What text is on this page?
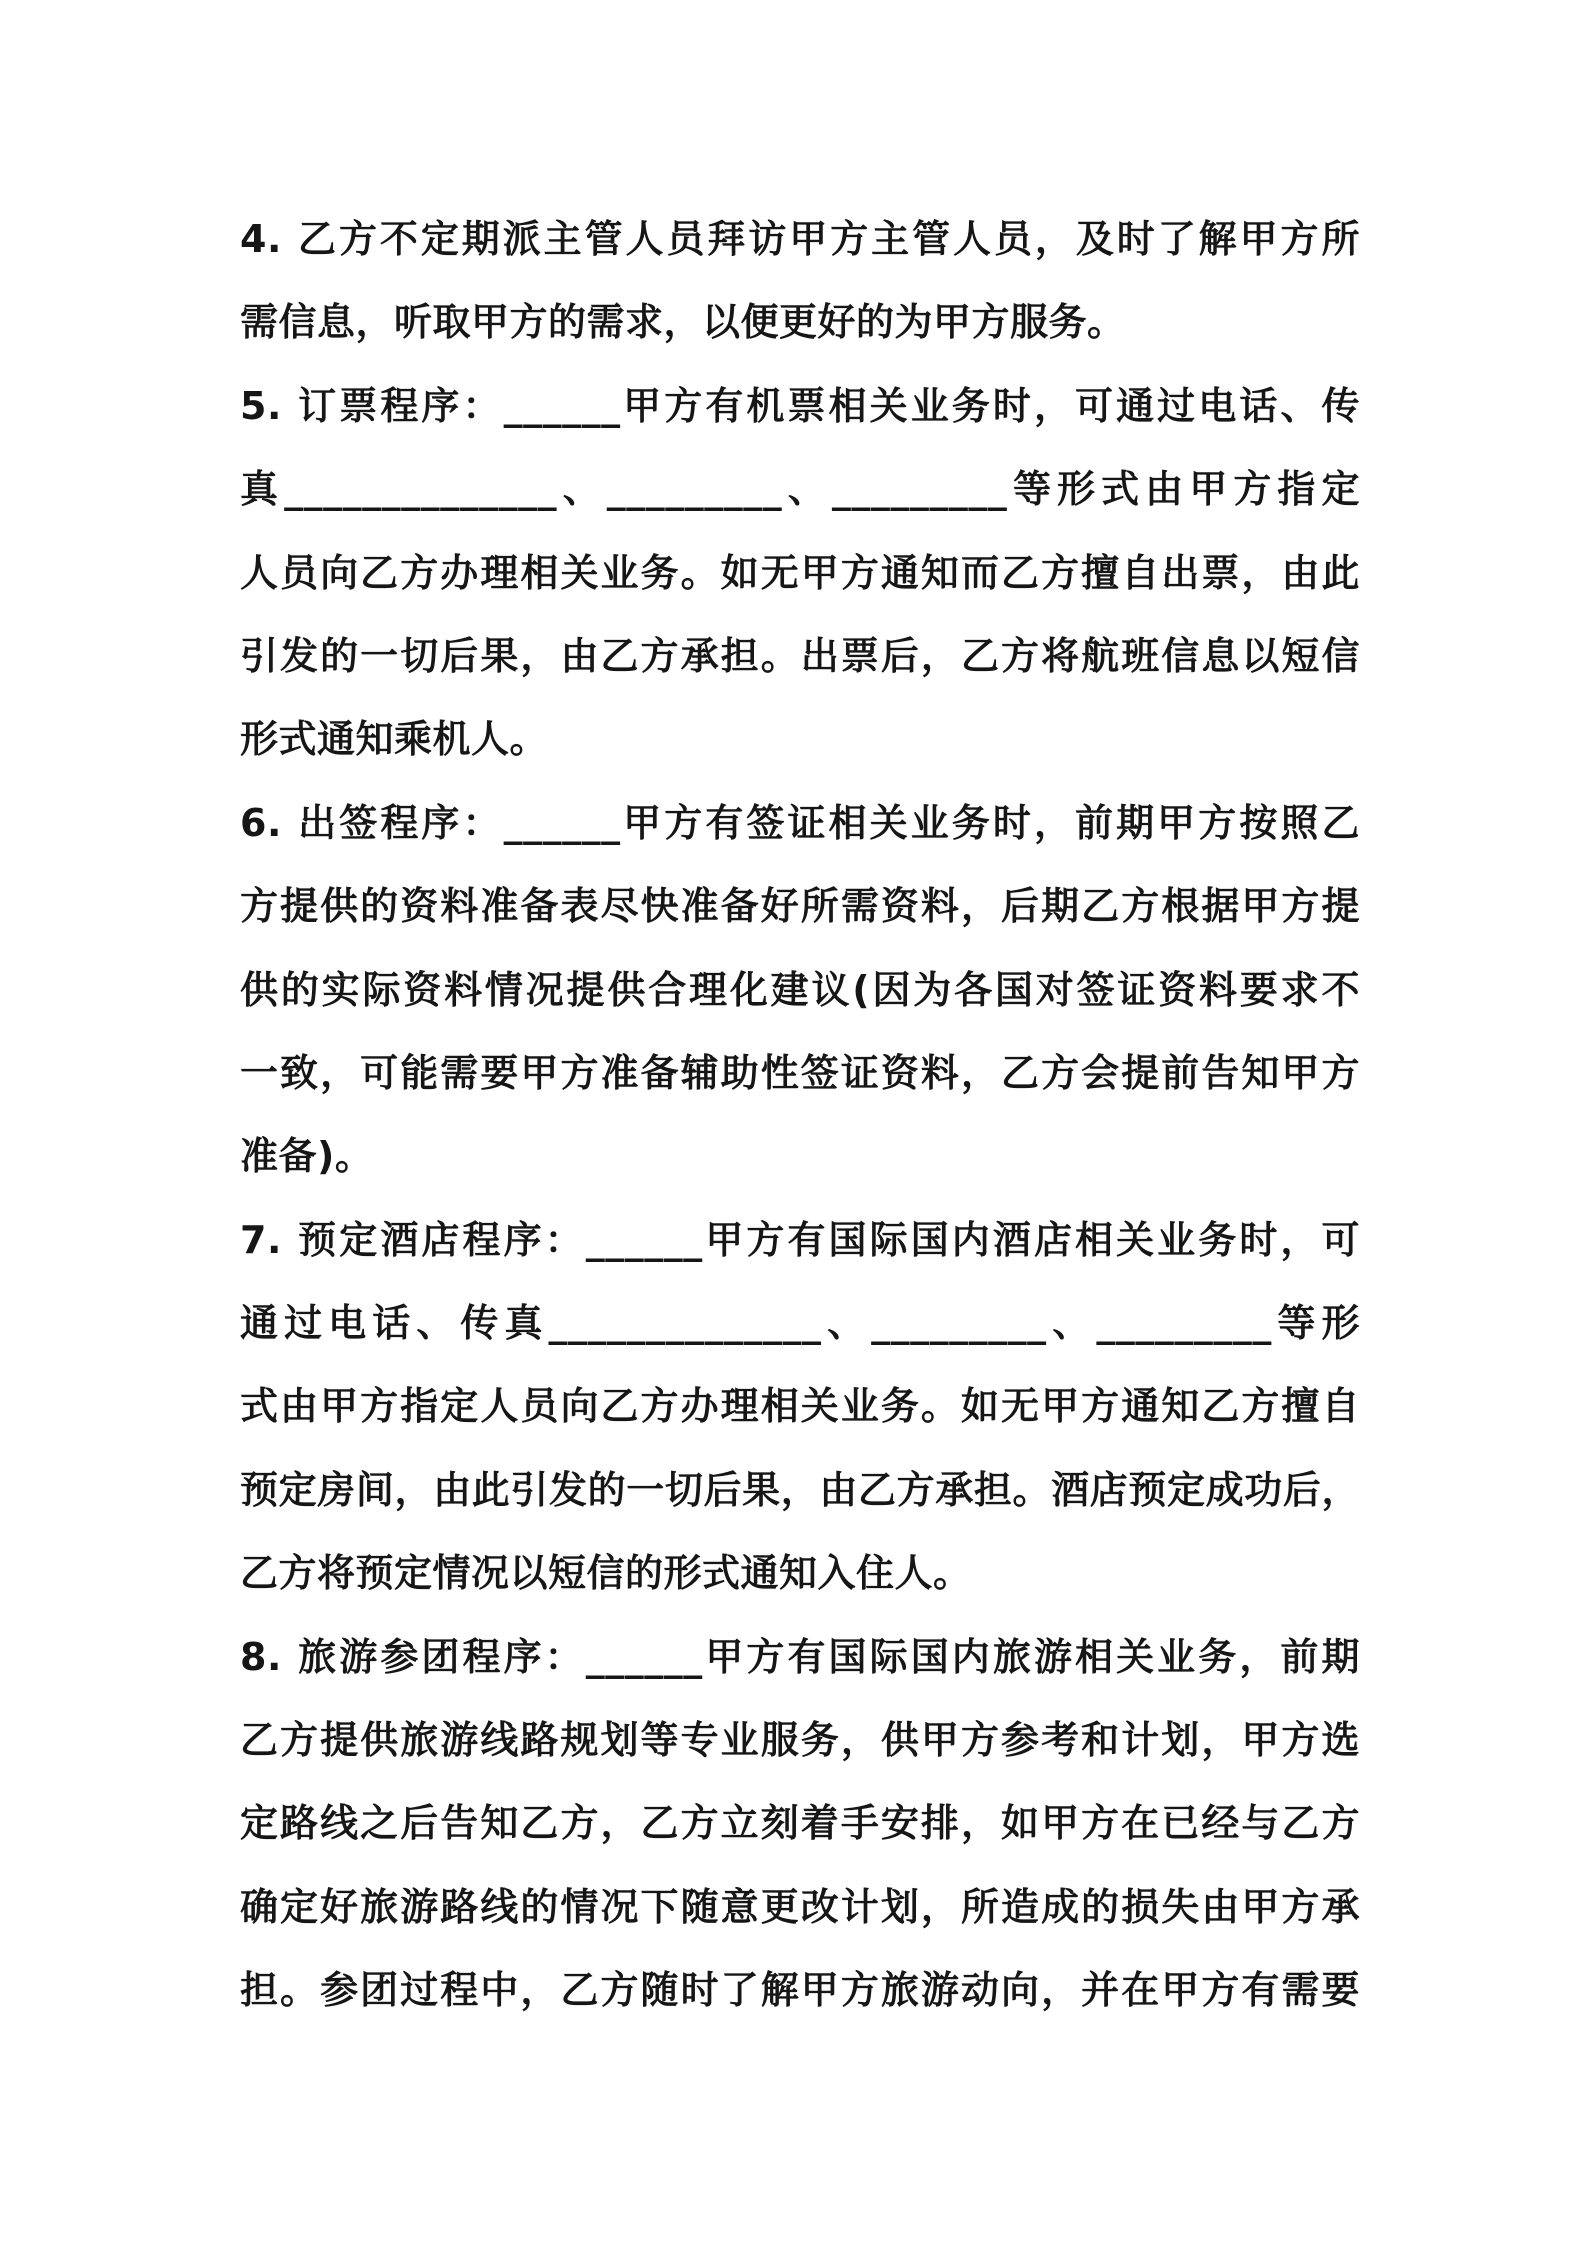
4. 乙方不定期派主管人员拜访甲方主管人员，及时了解甲方所
需信息，听取甲方的需求，以便更好的为甲方服务。
5. 订票程序：______甲方有机票相关业务时，可通过电话、传
真______________、_________、_________等形式由甲方指定
人员向乙方办理相关业务。如无甲方通知而乙方擅自出票，由此
引发的一切后果，由乙方承担。出票后，乙方将航班信息以短信
形式通知乘机人。
6. 出签程序：______甲方有签证相关业务时，前期甲方按照乙
方提供的资料准备表尽快准备好所需资料，后期乙方根据甲方提
供的实际资料情况提供合理化建议(因为各国对签证资料要求不
一致，可能需要甲方准备辅助性签证资料，乙方会提前告知甲方
准备)。
7. 预定酒店程序：______甲方有国际国内酒店相关业务时，可
通过电话、传真______________、_________、_________等形
式由甲方指定人员向乙方办理相关业务。如无甲方通知乙方擅自
预定房间，由此引发的一切后果，由乙方承担。酒店预定成功后，
乙方将预定情况以短信的形式通知入住人。
8. 旅游参团程序：______甲方有国际国内旅游相关业务，前期
乙方提供旅游线路规划等专业服务，供甲方参考和计划，甲方选
定路线之后告知乙方，乙方立刻着手安排，如甲方在已经与乙方
确定好旅游路线的情况下随意更改计划，所造成的损失由甲方承
担。参团过程中，乙方随时了解甲方旅游动向，并在甲方有需要
